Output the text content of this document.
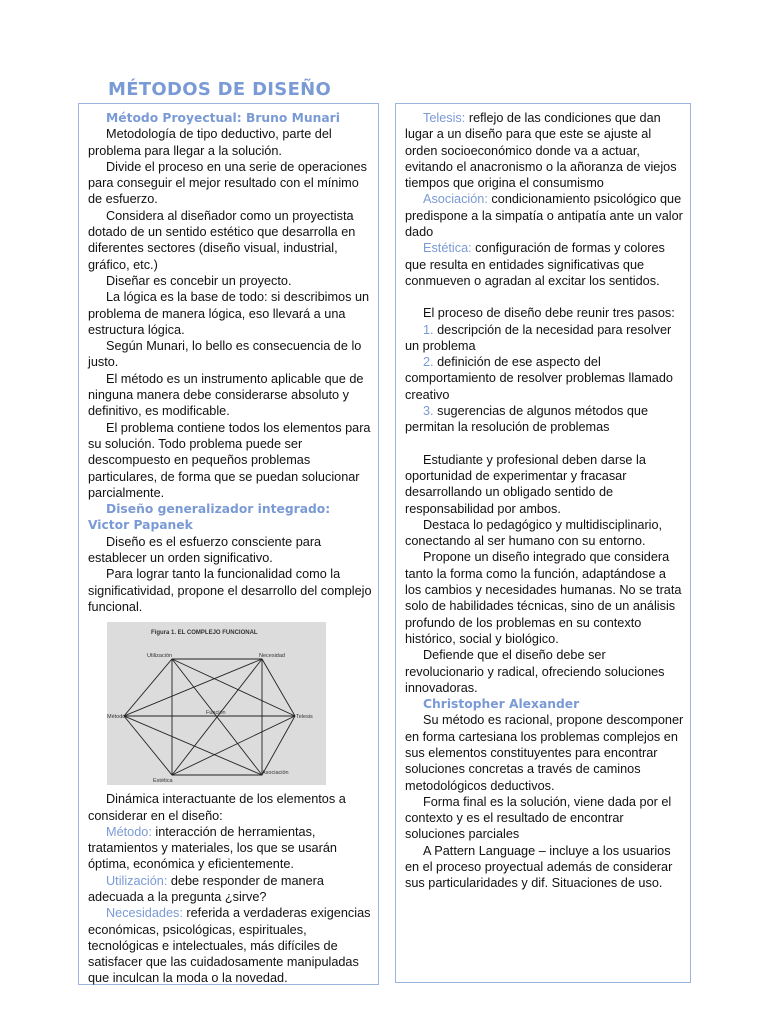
MÉTODOS DE DISEÑO
Método Proyectual: Bruno Munari

Metodología de tipo deductivo, parte del problema para llegar a la solución.

Divide el proceso en una serie de operaciones para conseguir el mejor resultado con el mínimo de esfuerzo.

Considera al diseñador como un proyectista dotado de un sentido estético que desarrolla en diferentes sectores (diseño visual, industrial, gráfico, etc.)

Diseñar es concebir un proyecto.

La lógica es la base de todo: si describimos un problema de manera lógica, eso llevará a una estructura lógica.

Según Munari, lo bello es consecuencia de lo justo.

El método es un instrumento aplicable que de ninguna manera debe considerarse absoluto y definitivo, es modificable.

El problema contiene todos los elementos para su solución. Todo problema puede ser descompuesto en pequeños problemas particulares, de forma que se puedan solucionar parcialmente.

Diseño generalizador integrado:
Victor Papanek

Diseño es el esfuerzo consciente para establecer un orden significativo.

Para lograr tanto la funcionalidad como la significatividad, propone el desarrollo del complejo funcional.

Figura 1. EL COMPLEJO FUNCIONAL
Utilización	Necesidad
Método
Función
Telesis
Estética
Asociación

Dinámica interactuante de los elementos a considerar en el diseño:

Método: interacción de herramientas, tratamientos y materiales, los que se usarán óptima, económica y eficientemente.

Utilización: debe responder de manera adecuada a la pregunta ¿sirve?

Necesidades: referida a verdaderas exigencias económicas, psicológicas, espirituales, tecnológicas e intelectuales, más difíciles de satisfacer que las cuidadosamente manipuladas que inculcan la moda o la novedad.

Telesis: reflejo de las condiciones que dan lugar a un diseño para que este se ajuste al orden socioeconómico donde va a actuar, evitando el anacronismo o la añoranza de viejos tiempos que origina el consumismo

Asociación: condicionamiento psicológico que predispone a la simpatía o antipatía ante un valor dado

Estética: configuración de formas y colores que resulta en entidades significativas que conmueven o agradan al excitar los sentidos.

El proceso de diseño debe reunir tres pasos:

1. descripción de la necesidad para resolver un problema

2. definición de ese aspecto del comportamiento de resolver problemas llamado creativo

3. sugerencias de algunos métodos que permitan la resolución de problemas

Estudiante y profesional deben darse la oportunidad de experimentar y fracasar desarrollando un obligado sentido de responsabilidad por ambos.

Destaca lo pedagógico y multidisciplinario, conectando al ser humano con su entorno.

Propone un diseño integrado que considera tanto la forma como la función, adaptándose a los cambios y necesidades humanas. No se trata solo de habilidades técnicas, sino de un análisis profundo de los problemas en su contexto histórico, social y biológico.

Defiende que el diseño debe ser revolucionario y radical, ofreciendo soluciones innovadoras.

Christopher Alexander

Su método es racional, propone descomponer en forma cartesiana los problemas complejos en sus elementos constituyentes para encontrar soluciones concretas a través de caminos metodológicos deductivos.

Forma final es la solución, viene dada por el contexto y es el resultado de encontrar soluciones parciales

A Pattern Language – incluye a los usuarios en el proceso proyectual además de considerar sus particularidades y dif. Situaciones de uso.
